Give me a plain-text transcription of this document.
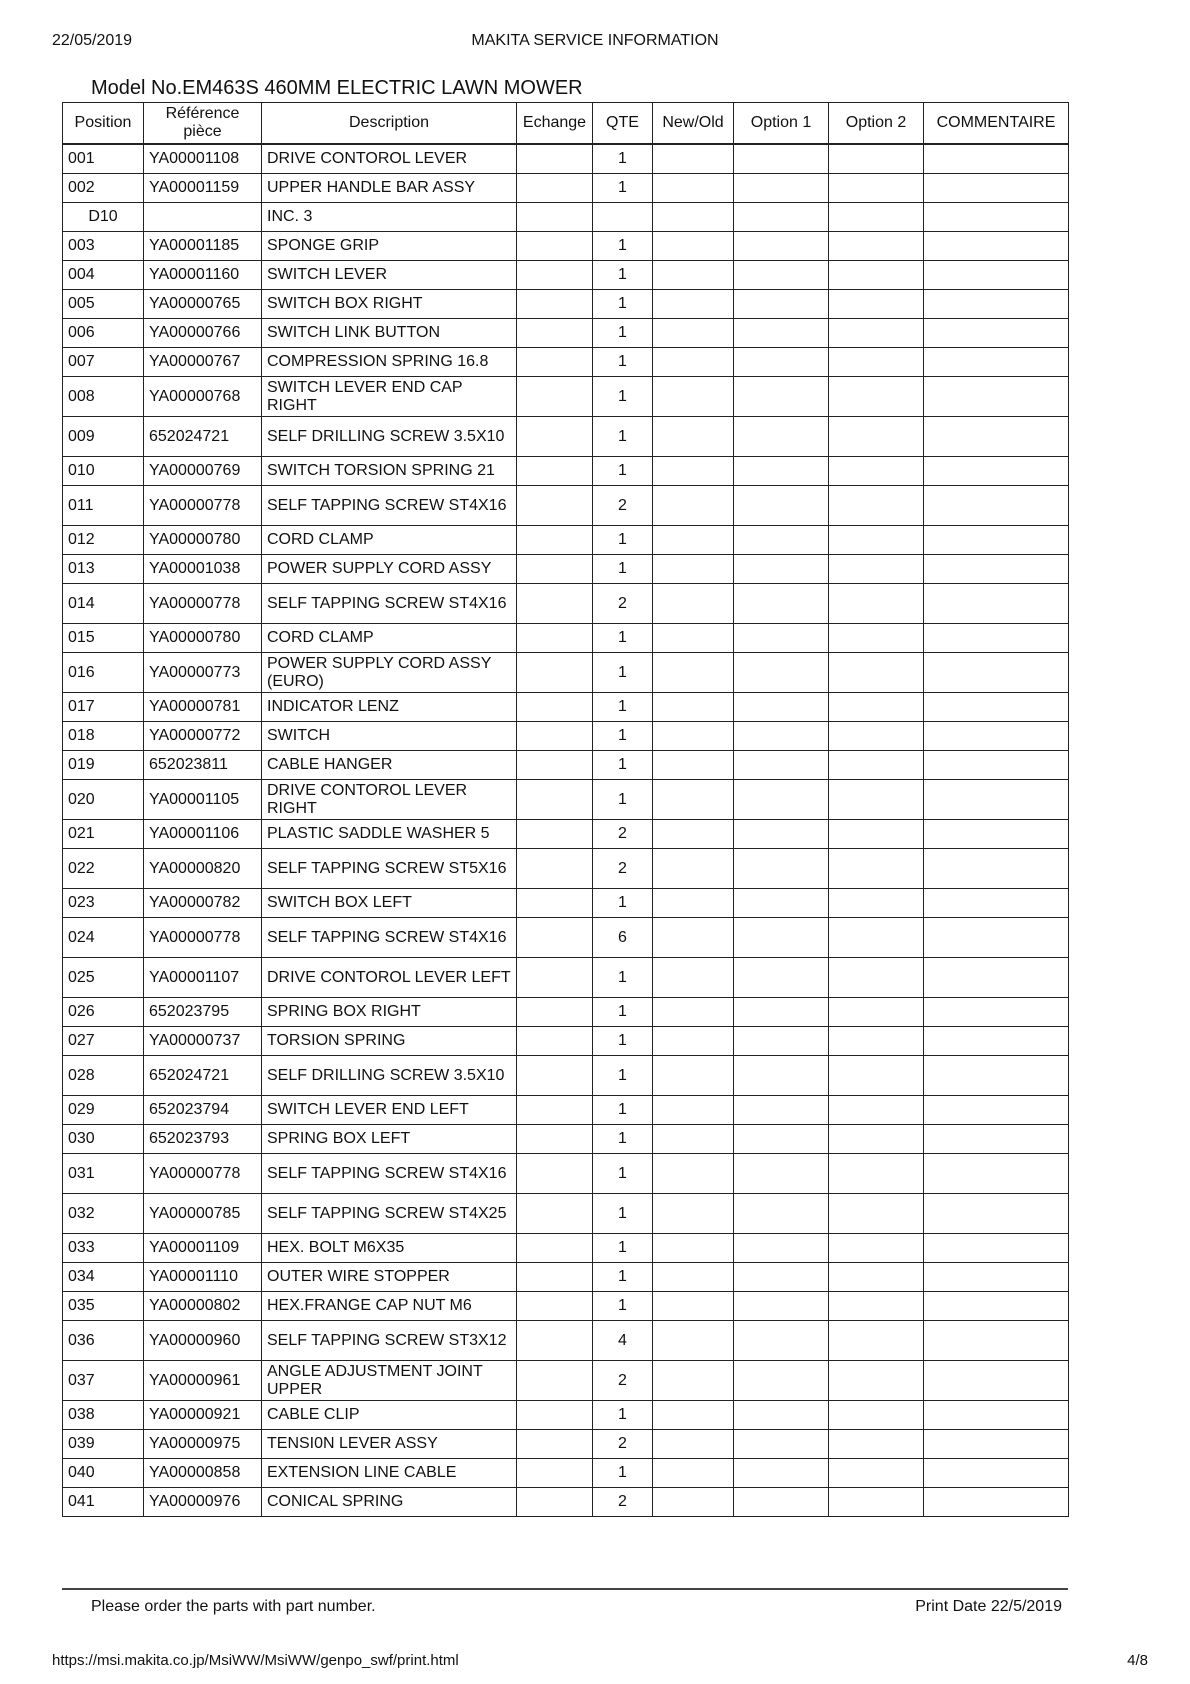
22/05/2019	MAKITA SERVICE INFORMATION
Model No.EM463S 460MM ELECTRIC LAWN MOWER
Position	Référence pièce	Description	Echange	QTE	New/Old	Option 1	Option 2	COMMENTAIRE
001	YA00001108	DRIVE CONTOROL LEVER		1				
002	YA00001159	UPPER HANDLE BAR ASSY		1				
D10		INC. 3						
003	YA00001185	SPONGE GRIP		1				
004	YA00001160	SWITCH LEVER		1				
005	YA00000765	SWITCH BOX RIGHT		1				
006	YA00000766	SWITCH LINK BUTTON		1				
007	YA00000767	COMPRESSION SPRING 16.8		1				
008	YA00000768	SWITCH LEVER END CAP RIGHT		1				
009	652024721	SELF DRILLING SCREW 3.5X10		1				
010	YA00000769	SWITCH TORSION SPRING 21		1				
011	YA00000778	SELF TAPPING SCREW ST4X16		2				
012	YA00000780	CORD CLAMP		1				
013	YA00001038	POWER SUPPLY CORD ASSY		1				
014	YA00000778	SELF TAPPING SCREW ST4X16		2				
015	YA00000780	CORD CLAMP		1				
016	YA00000773	POWER SUPPLY CORD ASSY (EURO)		1				
017	YA00000781	INDICATOR LENZ		1				
018	YA00000772	SWITCH		1				
019	652023811	CABLE HANGER		1				
020	YA00001105	DRIVE CONTOROL LEVER RIGHT		1				
021	YA00001106	PLASTIC SADDLE WASHER 5		2				
022	YA00000820	SELF TAPPING SCREW ST5X16		2				
023	YA00000782	SWITCH BOX LEFT		1				
024	YA00000778	SELF TAPPING SCREW ST4X16		6				
025	YA00001107	DRIVE CONTOROL LEVER LEFT		1				
026	652023795	SPRING BOX RIGHT		1				
027	YA00000737	TORSION SPRING		1				
028	652024721	SELF DRILLING SCREW 3.5X10		1				
029	652023794	SWITCH LEVER END LEFT		1				
030	652023793	SPRING BOX LEFT		1				
031	YA00000778	SELF TAPPING SCREW ST4X16		1				
032	YA00000785	SELF TAPPING SCREW ST4X25		1				
033	YA00001109	HEX. BOLT M6X35		1				
034	YA00001110	OUTER WIRE STOPPER		1				
035	YA00000802	HEX.FRANGE CAP NUT M6		1				
036	YA00000960	SELF TAPPING SCREW ST3X12		4				
037	YA00000961	ANGLE ADJUSTMENT JOINT UPPER		2				
038	YA00000921	CABLE CLIP		1				
039	YA00000975	TENSI0N LEVER ASSY		2				
040	YA00000858	EXTENSION LINE CABLE		1				
041	YA00000976	CONICAL SPRING		2				
Please order the parts with part number.	Print Date 22/5/2019
https://msi.makita.co.jp/MsiWW/MsiWW/genpo_swf/print.html	4/8
